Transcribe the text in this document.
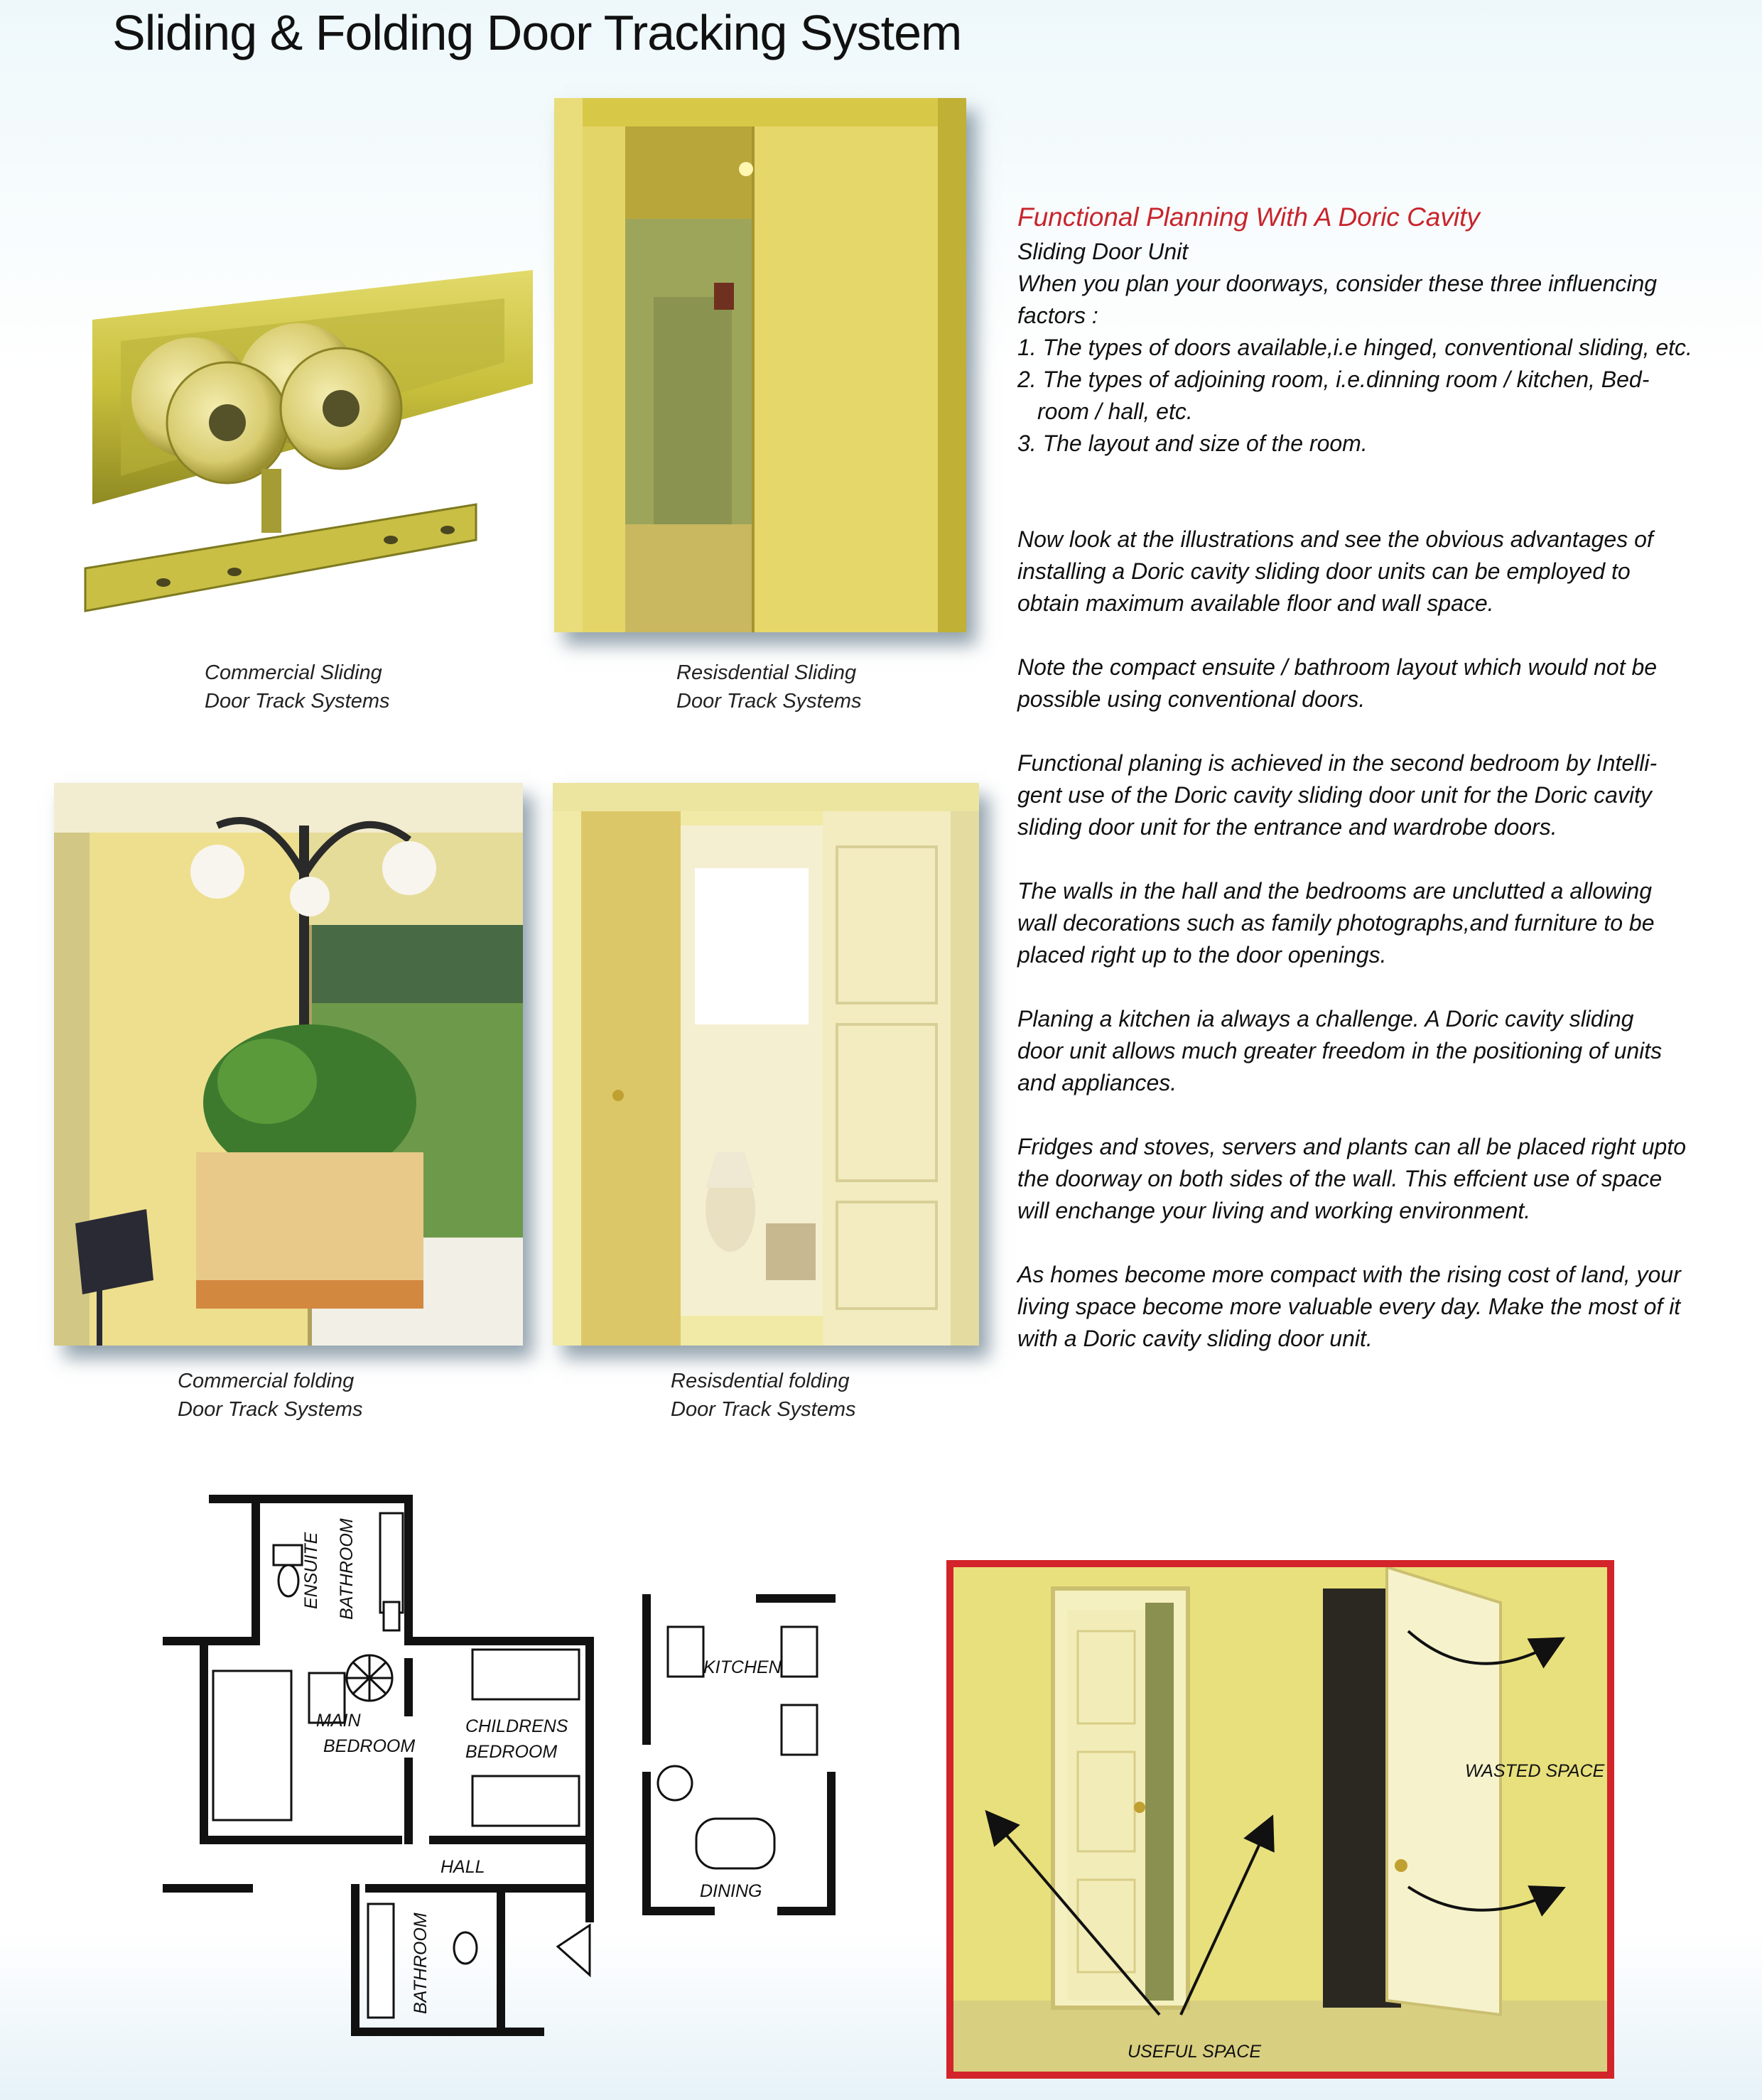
Sliding & Folding Door Tracking System
Commercial Sliding
Door Track Systems
Resisdential Sliding
Door Track Systems
Commercial folding
Door Track Systems
Resisdential folding
Door Track Systems

Functional Planning With A Doric Cavity

Sliding Door Unit

When you plan your doorways, consider these three influencing

factors :

1. The types of doors available,i.e hinged, conventional sliding, etc.

2. The types of adjoining room, i.e.dinning room / kitchen, Bed-

room / hall, etc.

3. The layout and size of the room.

Now look at the illustrations and see the obvious advantages of

installing a Doric cavity sliding door units can be employed to

obtain maximum available floor and wall space.

Note the compact ensuite / bathroom layout which would not be

possible using conventional doors.

Functional planing is achieved in the second bedroom by Intelli-

gent use of the Doric cavity sliding door unit for the Doric cavity

sliding door unit for the entrance and wardrobe doors.

The walls in the hall and the bedrooms are unclutted a allowing

wall decorations such as family photographs,and furniture to be

placed right up to the door openings.

Planing a kitchen ia always a challenge. A Doric cavity sliding

door unit allows much greater freedom in the positioning of units

and appliances.

Fridges and stoves, servers and plants can all be placed right upto

the doorway on both sides of the wall. This effcient use of space

will enchange your living and working environment.

As homes become more compact with the rising cost of land, your

living space become more valuable every day. Make the most of it

with a Doric cavity sliding door unit.

ENSUITE BATHROOM
MAIN
BEDROOM
CHILDRENS
BEDROOM
KITCHEN
HALL
DINING
BATHROOM
WASTED SPACE
USEFUL SPACE
